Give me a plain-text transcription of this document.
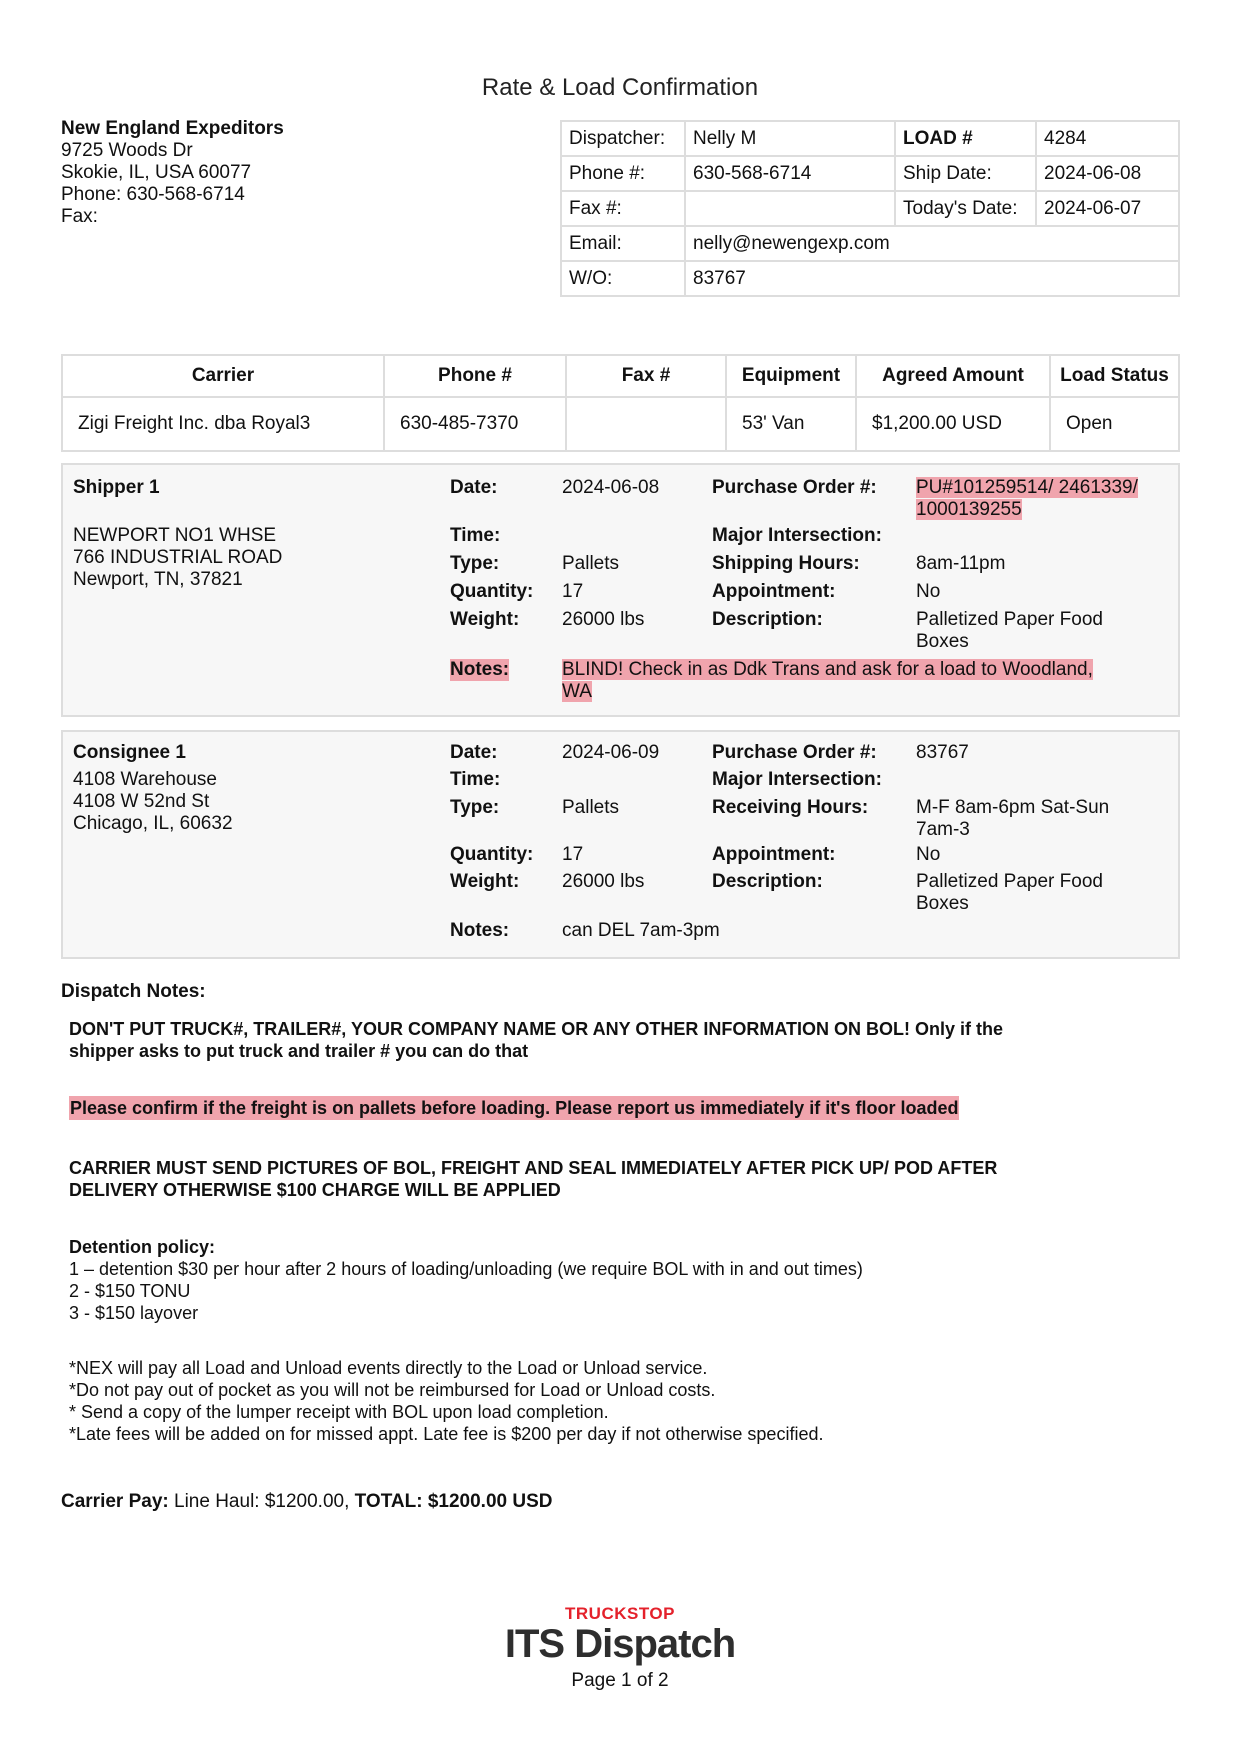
Rate & Load Confirmation
New England Expeditors
9725 Woods Dr
Skokie, IL, USA 60077
Phone: 630-568-6714
Fax:
Dispatcher:	Nelly M	LOAD #	4284
Phone #:	630-568-6714	Ship Date:	2024-06-08
Fax #:		Today's Date:	2024-06-07
Email:	nelly@newengexp.com		
W/O:	83767		
Carrier	Phone #	Fax #	Equipment	Agreed Amount	Load Status
Zigi Freight Inc. dba Royal3	630-485-7370		53' Van	$1,200.00 USD	Open
Shipper 1
NEWPORT NO1 WHSE
766 INDUSTRIAL ROAD
Newport, TN, 37821
Date:	2024-06-08
Time:
Type:	Pallets
Quantity: 17
Weight: 26000 lbs
Purchase Order #: PU#101259514/ 2461339/
1000139255
Major Intersection:
Shipping Hours:	8am-11pm
Appointment:	No
Description:	Palletized Paper Food
Boxes
Notes:	BLIND! Check in as Ddk Trans and ask for a load to Woodland,
WA
Consignee 1
4108 Warehouse
4108 W 52nd St
Chicago, IL, 60632
Date:	2024-06-09
Time:
Type:	Pallets
Quantity: 17
Weight: 26000 lbs
Notes:	can DEL 7am-3pm
Purchase Order #: 83767
Major Intersection:
Receiving Hours:	M-F 8am-6pm Sat-Sun
7am-3
Appointment:	No
Description:	Palletized Paper Food
Boxes
Dispatch Notes:
DON'T PUT TRUCK#, TRAILER#, YOUR COMPANY NAME OR ANY OTHER INFORMATION ON BOL! Only if the
shipper asks to put truck and trailer # you can do that
Please confirm if the freight is on pallets before loading. Please report us immediately if it's floor loaded
CARRIER MUST SEND PICTURES OF BOL, FREIGHT AND SEAL IMMEDIATELY AFTER PICK UP/ POD AFTER
DELIVERY OTHERWISE $100 CHARGE WILL BE APPLIED
Detention policy:
1 – detention $30 per hour after 2 hours of loading/unloading (we require BOL with in and out times)
2 - $150 TONU
3 - $150 layover
*NEX will pay all Load and Unload events directly to the Load or Unload service.
*Do not pay out of pocket as you will not be reimbursed for Load or Unload costs.
* Send a copy of the lumper receipt with BOL upon load completion.
*Late fees will be added on for missed appt. Late fee is $200 per day if not otherwise specified.
Carrier Pay: Line Haul: $1200.00, TOTAL: $1200.00 USD
TRUCKSTOP
ITS Dispatch
Page 1 of 2
